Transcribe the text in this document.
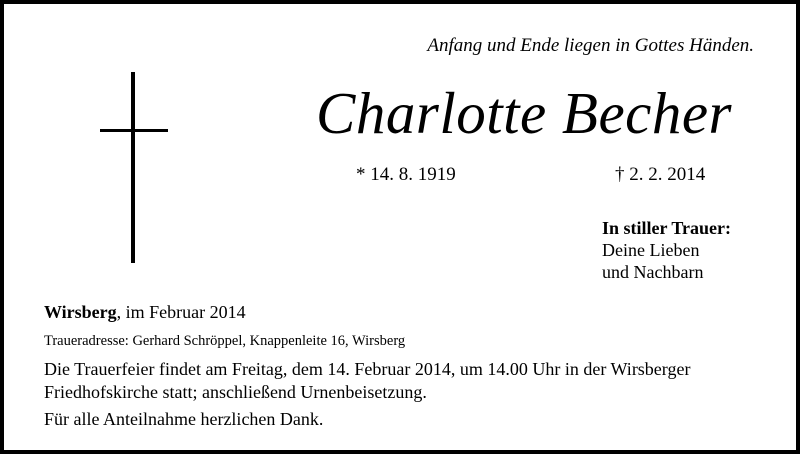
Anfang und Ende liegen in Gottes Händen.
Charlotte Becher
* 14. 8. 1919	† 2. 2. 2014
In stiller Trauer:
Deine Lieben
und Nachbarn
Wirsberg, im Februar 2014
Traueradresse: Gerhard Schröppel, Knappenleite 16, Wirsberg
Die Trauerfeier findet am Freitag, dem 14. Februar 2014, um 14.00 Uhr in der Wirsberger
Friedhofskirche statt; anschließend Urnenbeisetzung.
Für alle Anteilnahme herzlichen Dank.
